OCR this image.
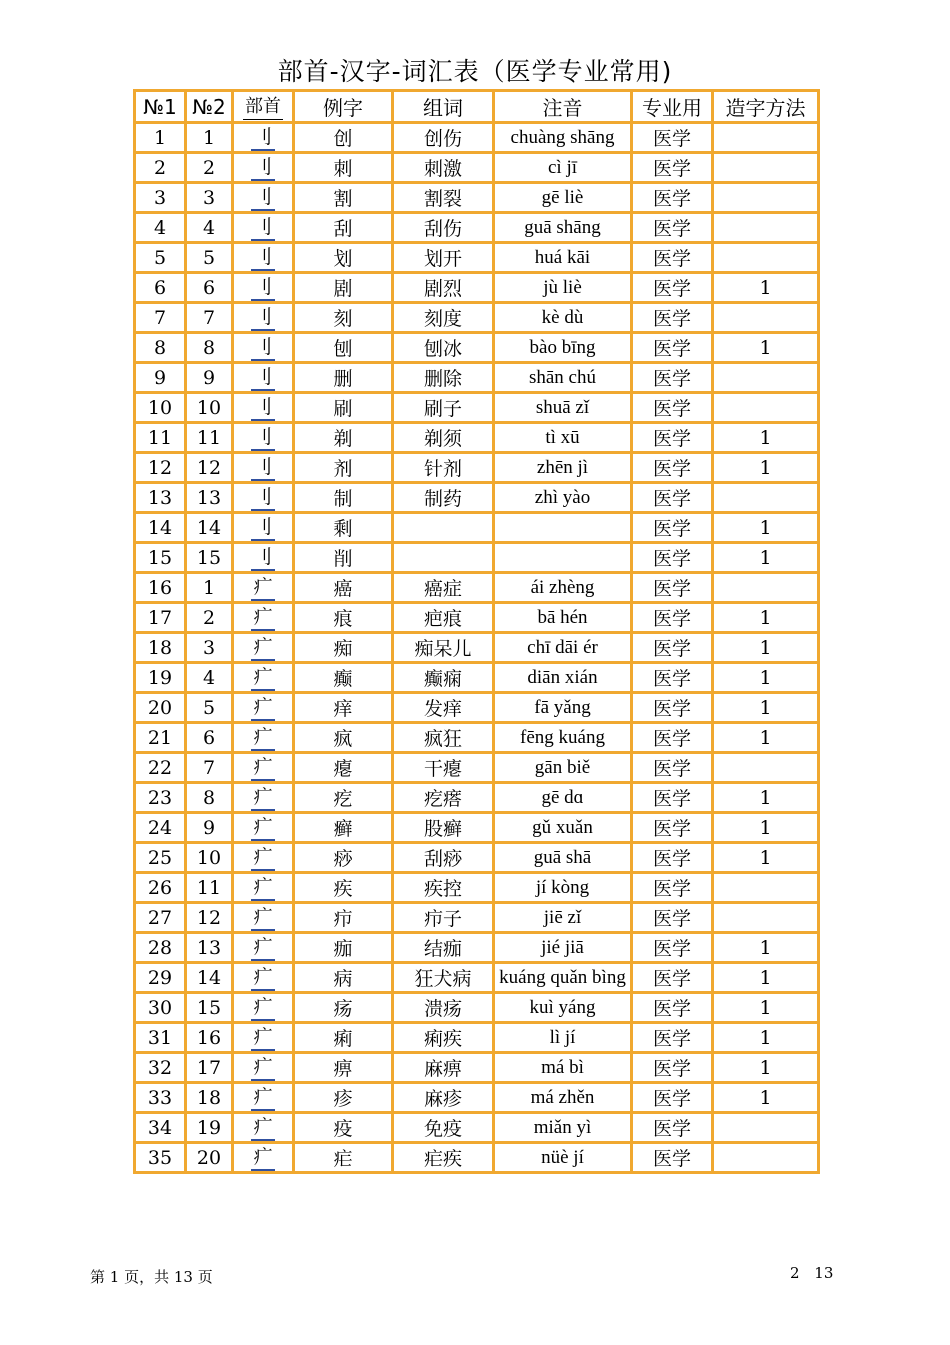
部首-汉字-词汇表（医学专业常用)
№1	№2	部首	例字	组词	注音	专业用	造字方法
1	1	刂	创	创伤	chuàng shāng	医学	
2	2	刂	刺	刺激	cì jī	医学	
3	3	刂	割	割裂	gē liè	医学	
4	4	刂	刮	刮伤	guā shāng	医学	
5	5	刂	划	划开	huá kāi	医学	
6	6	刂	剧	剧烈	jù liè	医学	1
7	7	刂	刻	刻度	kè dù	医学	
8	8	刂	刨	刨冰	bào bīng	医学	1
9	9	刂	删	删除	shān chú	医学	
10	10	刂	刷	刷子	shuā zǐ	医学	
11	11	刂	剃	剃须	tì xū	医学	1
12	12	刂	剂	针剂	zhēn jì	医学	1
13	13	刂	制	制药	zhì yào	医学	
14	14	刂	剩			医学	1
15	15	刂	削			医学	1
16	1	疒	癌	癌症	ái zhèng	医学	
17	2	疒	痕	疤痕	bā hén	医学	1
18	3	疒	痴	痴呆儿	chī dāi ér	医学	1
19	4	疒	癫	癫痫	diān xián	医学	1
20	5	疒	痒	发痒	fā yǎng	医学	1
21	6	疒	疯	疯狂	fēng kuáng	医学	1
22	7	疒	瘪	干瘪	gān biě	医学	
23	8	疒	疙	疙瘩	gē dɑ	医学	1
24	9	疒	癣	股癣	gǔ xuǎn	医学	1
25	10	疒	痧	刮痧	guā shā	医学	1
26	11	疒	疾	疾控	jí kòng	医学	
27	12	疒	疖	疖子	jiē zǐ	医学	
28	13	疒	痂	结痂	jié jiā	医学	1
29	14	疒	病	狂犬病	kuáng quǎn bìng	医学	1
30	15	疒	疡	溃疡	kuì yáng	医学	1
31	16	疒	痢	痢疾	lì jí	医学	1
32	17	疒	痹	麻痹	má bì	医学	1
33	18	疒	疹	麻疹	má zhěn	医学	1
34	19	疒	疫	免疫	miǎn yì	医学	
35	20	疒	疟	疟疾	nüè jí	医学	
第 1 页，共 13 页	2 13
